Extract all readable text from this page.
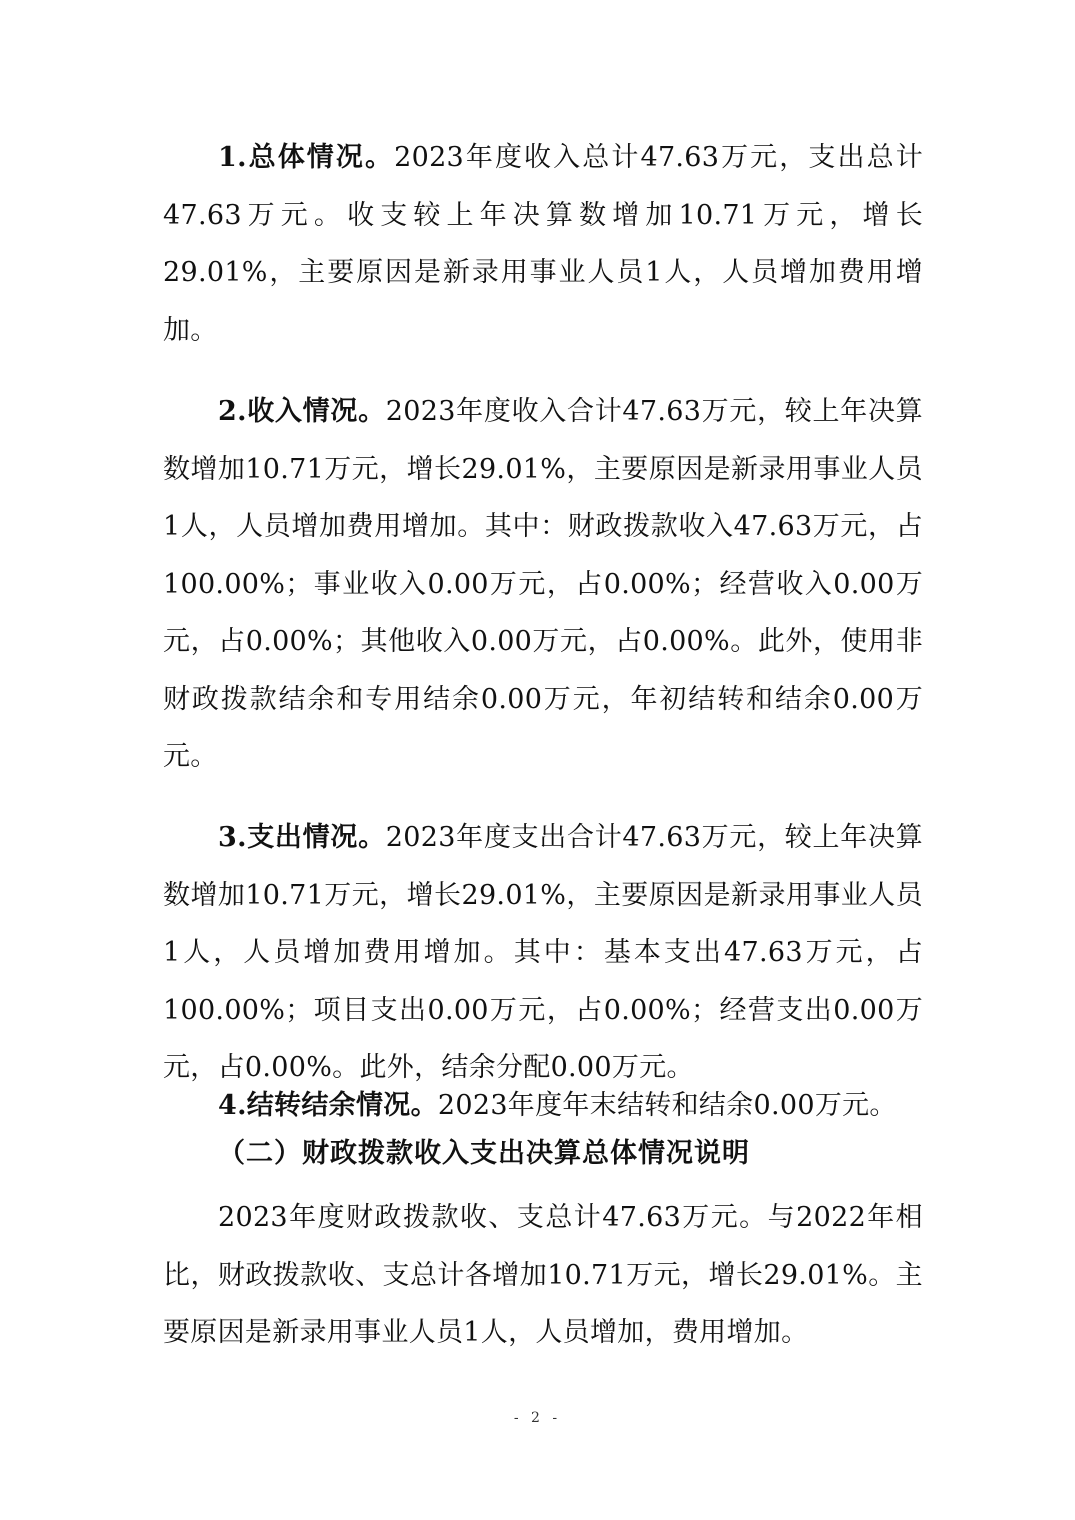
1.总体情况。2023年度收入总计47.63万元，支出总计47.63万元。收支较上年决算数增加10.71万元，增长29.01%，主要原因是新录用事业人员1人，人员增加费用增加。

2.收入情况。2023年度收入合计47.63万元，较上年决算数增加10.71万元，增长29.01%，主要原因是新录用事业人员1人，人员增加费用增加。其中：财政拨款收入47.63万元，占100.00%；事业收入0.00万元，占0.00%；经营收入0.00万元，占0.00%；其他收入0.00万元，占0.00%。此外，使用非财政拨款结余和专用结余0.00万元，年初结转和结余0.00万元。

3.支出情况。2023年度支出合计47.63万元，较上年决算数增加10.71万元，增长29.01%，主要原因是新录用事业人员1人，人员增加费用增加。其中：基本支出47.63万元，占100.00%；项目支出0.00万元，占0.00%；经营支出0.00万元，占0.00%。此外，结余分配0.00万元。

4.结转结余情况。2023年度年末结转和结余0.00万元。

（二）财政拨款收入支出决算总体情况说明

2023年度财政拨款收、支总计47.63万元。与2022年相比，财政拨款收、支总计各增加10.71万元，增长29.01%。主要原因是新录用事业人员1人，人员增加，费用增加。

- 2 -
